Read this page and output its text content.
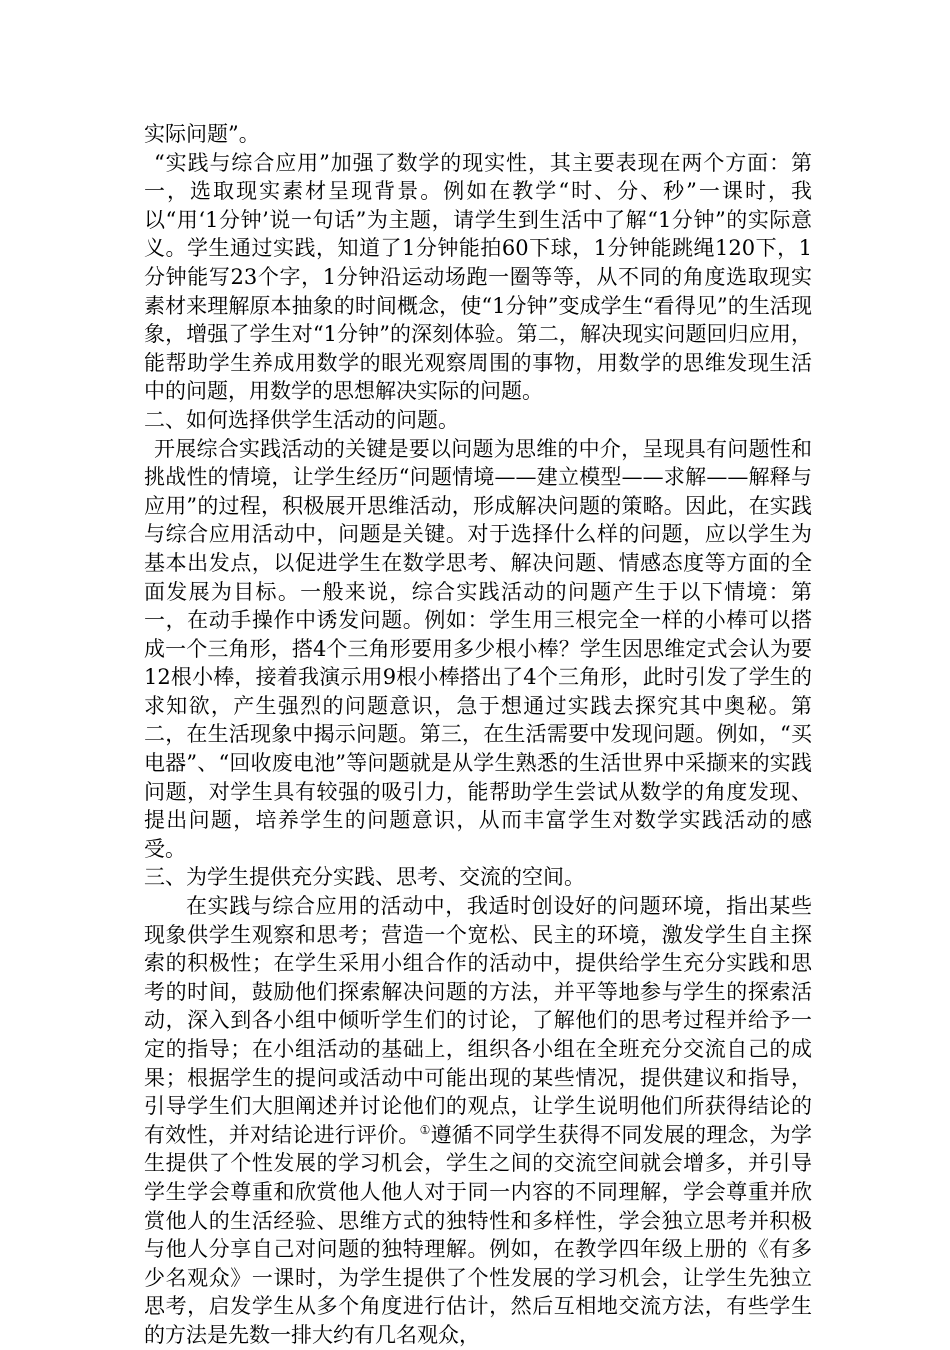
实际问题”。

“实践与综合应用”加强了数学的现实性，其主要表现在两个方面：第一，选取现实素材呈现背景。例如在教学“时、分、秒”一课时，我以“用‘1分钟’说一句话”为主题，请学生到生活中了解“1分钟”的实际意义。学生通过实践，知道了1分钟能拍60下球，1分钟能跳绳120下，1分钟能写23个字，1分钟沿运动场跑一圈等等，从不同的角度选取现实素材来理解原本抽象的时间概念，使“1分钟”变成学生“看得见”的生活现象，增强了学生对“1分钟”的深刻体验。第二，解决现实问题回归应用，能帮助学生养成用数学的眼光观察周围的事物，用数学的思维发现生活中的问题，用数学的思想解决实际的问题。

二、如何选择供学生活动的问题。

开展综合实践活动的关键是要以问题为思维的中介，呈现具有问题性和挑战性的情境，让学生经历“问题情境——建立模型——求解——解释与应用”的过程，积极展开思维活动，形成解决问题的策略。因此，在实践与综合应用活动中，问题是关键。对于选择什么样的问题，应以学生为基本出发点，以促进学生在数学思考、解决问题、情感态度等方面的全面发展为目标。一般来说，综合实践活动的问题产生于以下情境：第一，在动手操作中诱发问题。例如：学生用三根完全一样的小棒可以搭成一个三角形，搭4个三角形要用多少根小棒？学生因思维定式会认为要12根小棒，接着我演示用9根小棒搭出了4个三角形，此时引发了学生的求知欲，产生强烈的问题意识，急于想通过实践去探究其中奥秘。第二，在生活现象中揭示问题。第三，在生活需要中发现问题。例如，“买电器”、“回收废电池”等问题就是从学生熟悉的生活世界中采撷来的实践问题，对学生具有较强的吸引力，能帮助学生尝试从数学的角度发现、提出问题，培养学生的问题意识，从而丰富学生对数学实践活动的感受。

三、为学生提供充分实践、思考、交流的空间。

在实践与综合应用的活动中，我适时创设好的问题环境，指出某些现象供学生观察和思考；营造一个宽松、民主的环境，激发学生自主探索的积极性；在学生采用小组合作的活动中，提供给学生充分实践和思考的时间，鼓励他们探索解决问题的方法，并平等地参与学生的探索活动，深入到各小组中倾听学生们的讨论，了解他们的思考过程并给予一定的指导；在小组活动的基础上，组织各小组在全班充分交流自己的成果；根据学生的提问或活动中可能出现的某些情况，提供建议和指导，引导学生们大胆阐述并讨论他们的观点，让学生说明他们所获得结论的有效性，并对结论进行评价。①遵循不同学生获得不同发展的理念，为学生提供了个性发展的学习机会，学生之间的交流空间就会增多，并引导学生学会尊重和欣赏他人他人对于同一内容的不同理解，学会尊重并欣赏他人的生活经验、思维方式的独特性和多样性，学会独立思考并积极与他人分享自己对问题的独特理解。例如，在教学四年级上册的《有多少名观众》一课时，为学生提供了个性发展的学习机会，让学生先独立思考，启发学生从多个角度进行估计，然后互相地交流方法，有些学生的方法是先数一排大约有几名观众，
